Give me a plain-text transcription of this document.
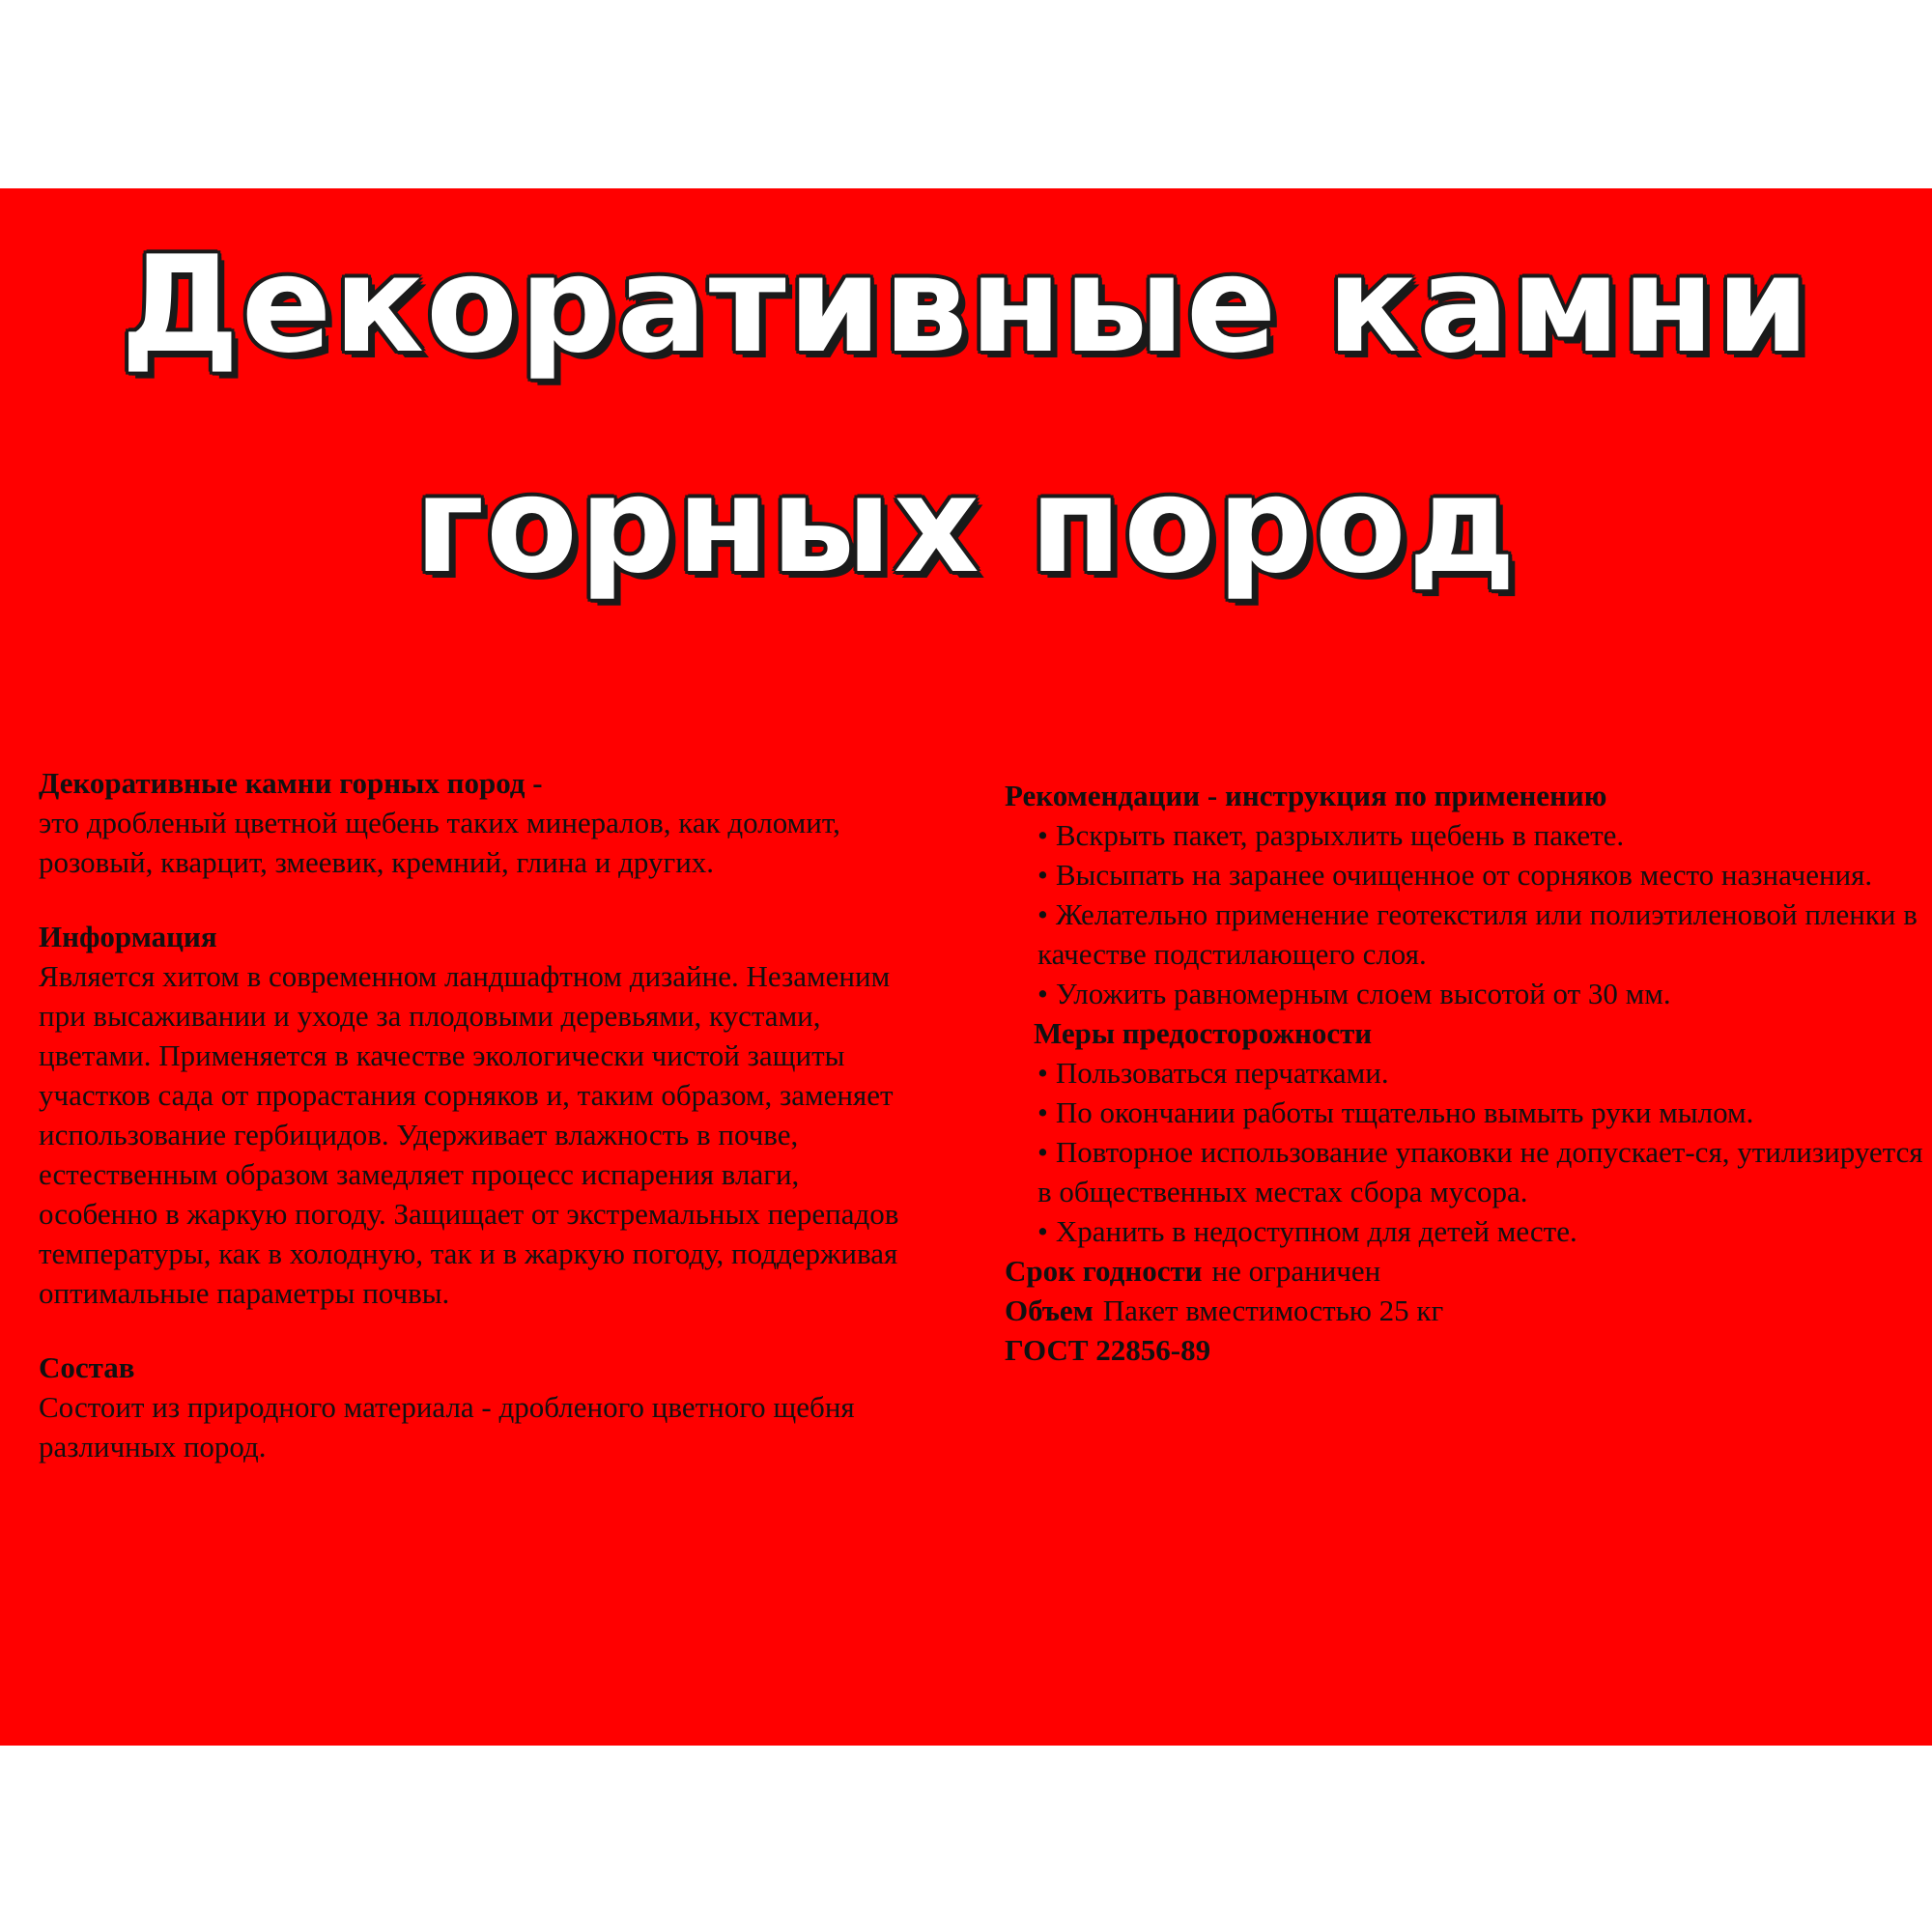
Декоративные камни
горных пород
Декоративные камни горных пород -

это дробленый цветной щебень таких минералов, как доломит, розовый, кварцит, змеевик, кремний, глина и других.

Информация

Является хитом в современном ландшафтном дизайне. Незаменим при высаживании и уходе за плодовыми деревьями, кустами, цветами. Применяется в качестве экологически чистой защиты участков сада от прорастания сорняков и, таким образом, заменяет использование гербицидов. Удерживает влажность в почве, естественным образом замедляет процесс испарения влаги, особенно в жаркую погоду. Защищает от экстремальных перепадов температуры, как в холодную, так и в жаркую погоду, поддерживая оптимальные параметры почвы.

Состав

Состоит из природного материала - дробленого цветного щебня различных пород.

Рекомендации - инструкция по применению

• Вскрыть пакет, разрыхлить щебень в пакете.

• Высыпать на заранее очищенное от сорняков место назначения.

• Желательно применение геотекстиля или полиэтиленовой пленки в качестве подстилающего слоя.

• Уложить равномерным слоем высотой от 30 мм.

Меры предосторожности

• Пользоваться перчатками.

• По окончании работы тщательно вымыть руки мылом.

• Повторное использование упаковки не допускает-ся, утилизируется в общественных местах сбора мусора.

• Хранить в недоступном для детей месте.

Срок годности не ограничен

Объем Пакет вместимостью 25 кг

ГОСТ 22856-89
